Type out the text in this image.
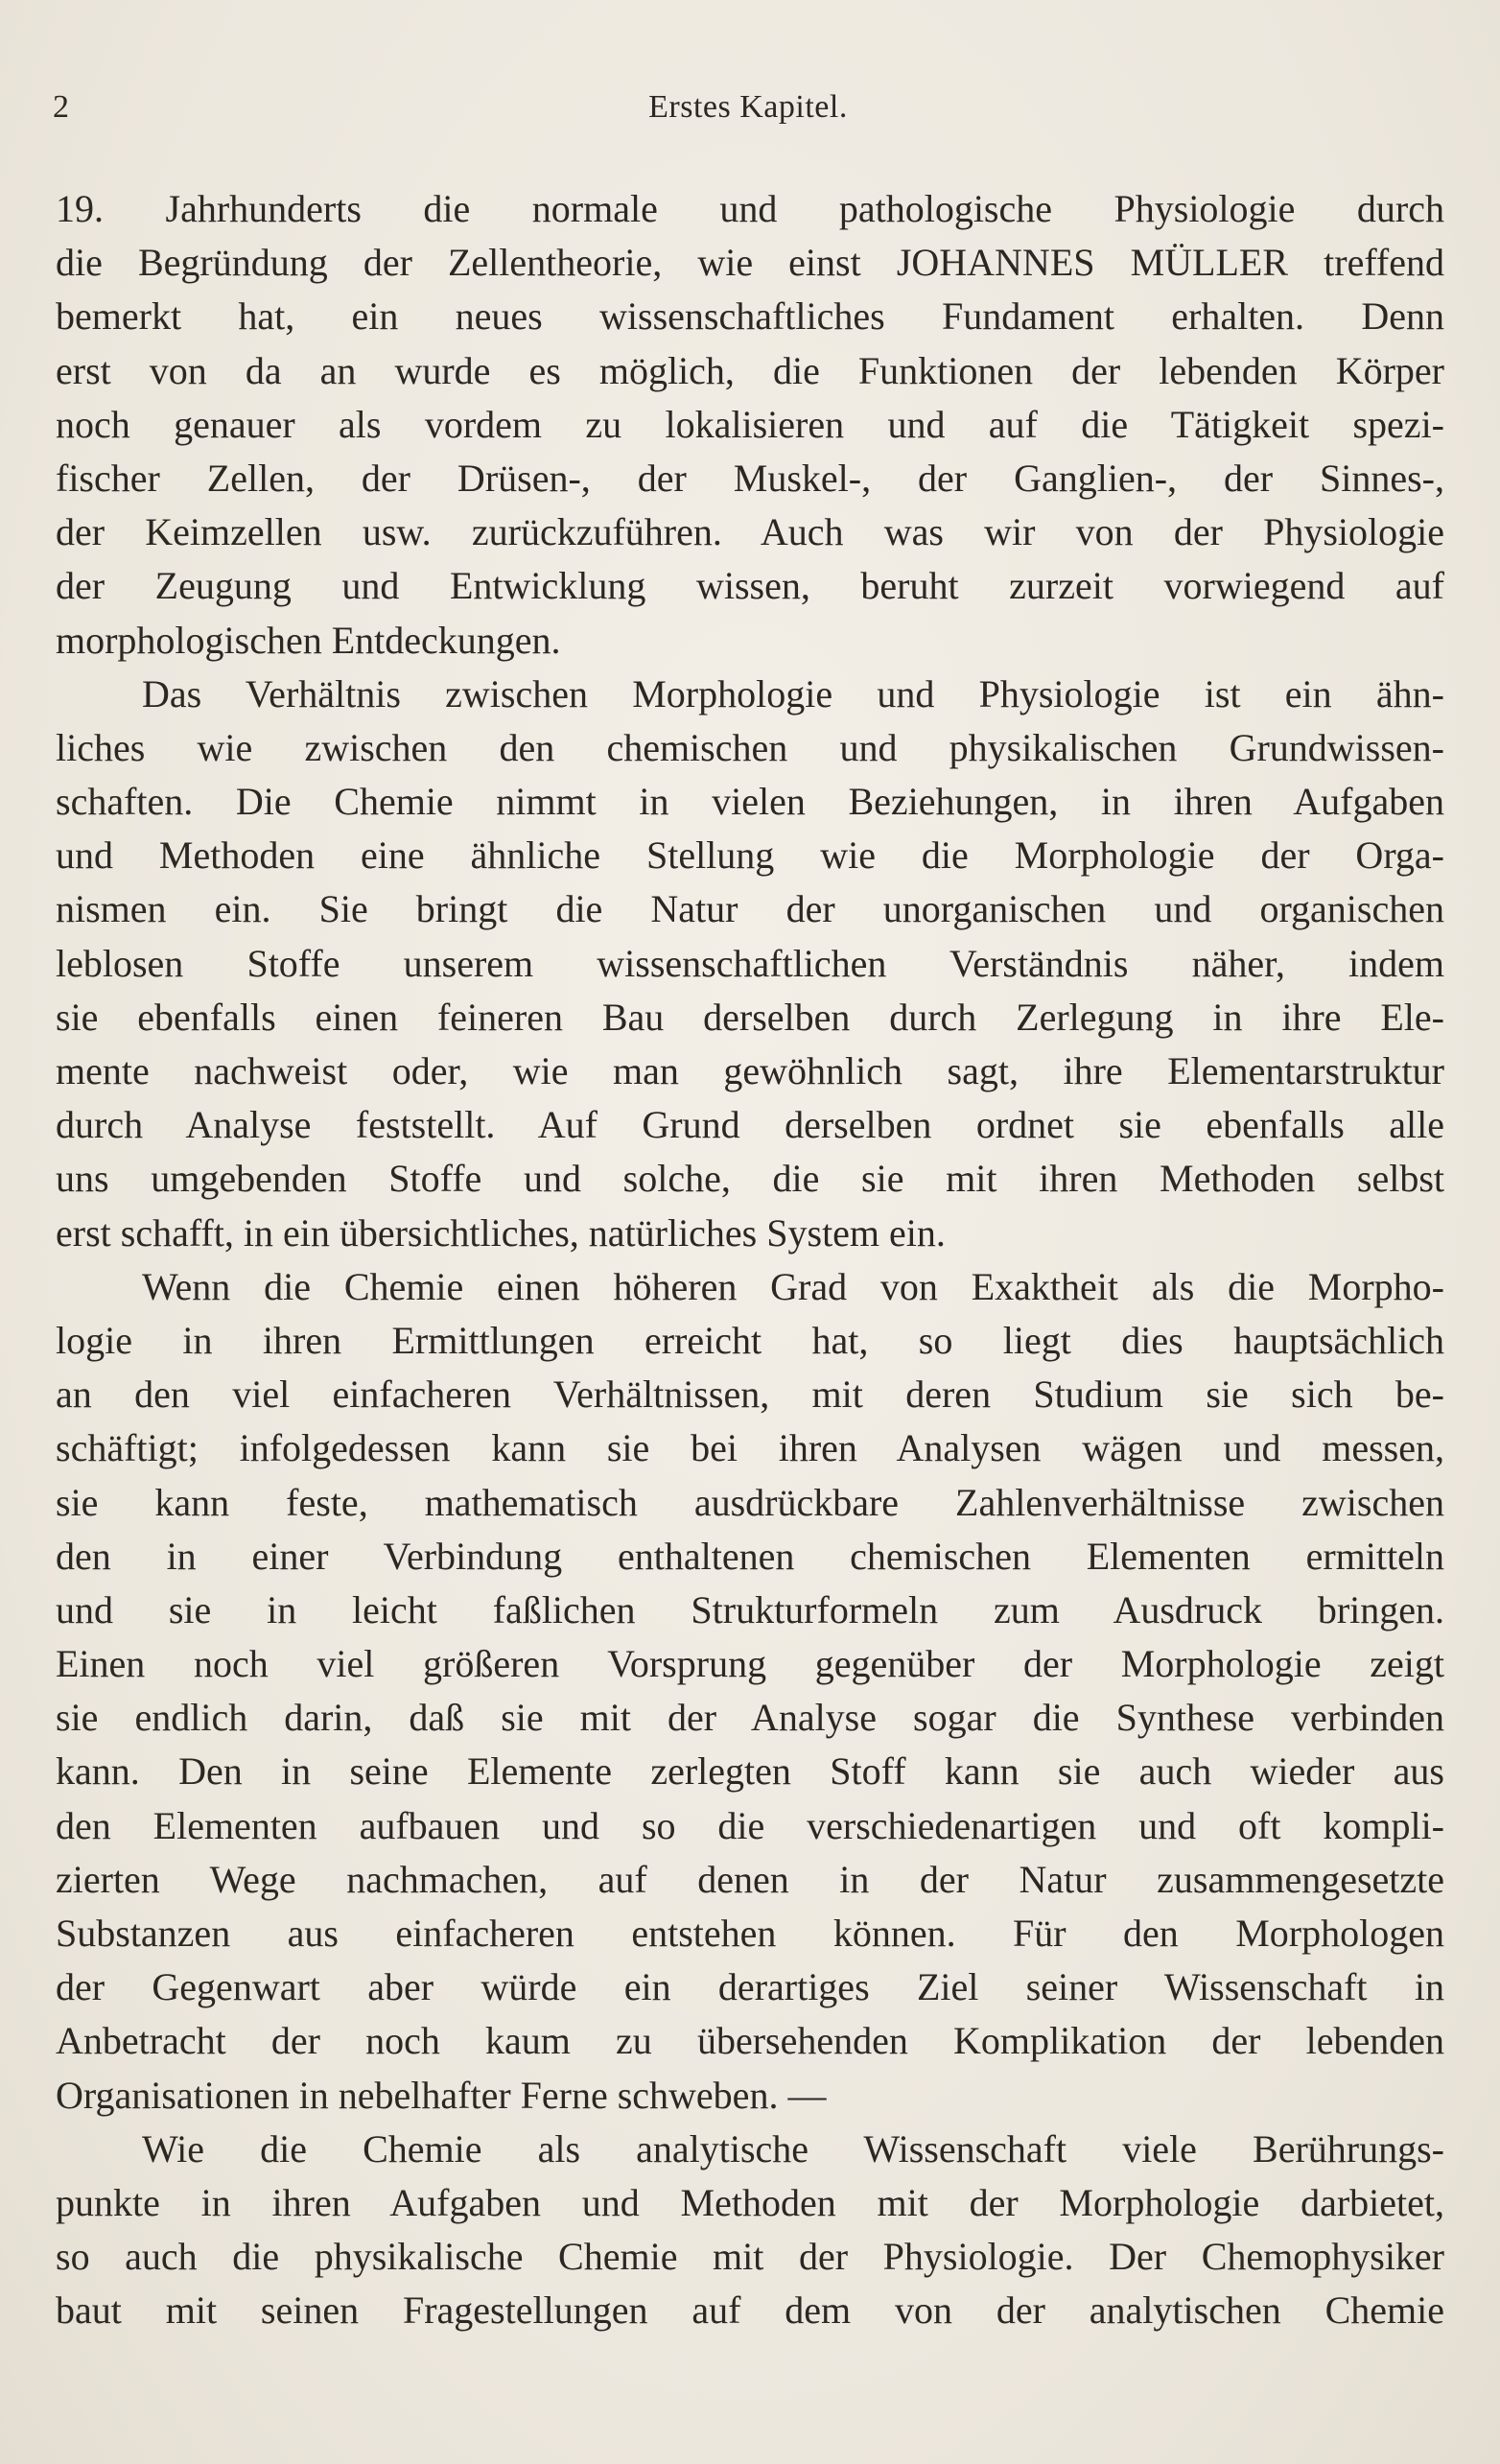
2	Erstes Kapitel.
19. Jahrhunderts die normale und pathologische Physiologie durch
die Begründung der Zellentheorie, wie einst JOHANNES MÜLLER treffend
bemerkt hat, ein neues wissenschaftliches Fundament erhalten. Denn
erst von da an wurde es möglich, die Funktionen der lebenden Körper
noch genauer als vordem zu lokalisieren und auf die Tätigkeit spezi-
fischer Zellen, der Drüsen-, der Muskel-, der Ganglien-, der Sinnes-,
der Keimzellen usw. zurückzuführen. Auch was wir von der Physiologie
der Zeugung und Entwicklung wissen, beruht zurzeit vorwiegend auf
morphologischen Entdeckungen.
Das Verhältnis zwischen Morphologie und Physiologie ist ein ähn-
liches wie zwischen den chemischen und physikalischen Grundwissen-
schaften. Die Chemie nimmt in vielen Beziehungen, in ihren Aufgaben
und Methoden eine ähnliche Stellung wie die Morphologie der Orga-
nismen ein. Sie bringt die Natur der unorganischen und organischen
leblosen Stoffe unserem wissenschaftlichen Verständnis näher, indem
sie ebenfalls einen feineren Bau derselben durch Zerlegung in ihre Ele-
mente nachweist oder, wie man gewöhnlich sagt, ihre Elementarstruktur
durch Analyse feststellt. Auf Grund derselben ordnet sie ebenfalls alle
uns umgebenden Stoffe und solche, die sie mit ihren Methoden selbst
erst schafft, in ein übersichtliches, natürliches System ein.
Wenn die Chemie einen höheren Grad von Exaktheit als die Morpho-
logie in ihren Ermittlungen erreicht hat, so liegt dies hauptsächlich
an den viel einfacheren Verhältnissen, mit deren Studium sie sich be-
schäftigt; infolgedessen kann sie bei ihren Analysen wägen und messen,
sie kann feste, mathematisch ausdrückbare Zahlenverhältnisse zwischen
den in einer Verbindung enthaltenen chemischen Elementen ermitteln
und sie in leicht faßlichen Strukturformeln zum Ausdruck bringen.
Einen noch viel größeren Vorsprung gegenüber der Morphologie zeigt
sie endlich darin, daß sie mit der Analyse sogar die Synthese verbinden
kann. Den in seine Elemente zerlegten Stoff kann sie auch wieder aus
den Elementen aufbauen und so die verschiedenartigen und oft kompli-
zierten Wege nachmachen, auf denen in der Natur zusammengesetzte
Substanzen aus einfacheren entstehen können. Für den Morphologen
der Gegenwart aber würde ein derartiges Ziel seiner Wissenschaft in
Anbetracht der noch kaum zu übersehenden Komplikation der lebenden
Organisationen in nebelhafter Ferne schweben. —
Wie die Chemie als analytische Wissenschaft viele Berührungs-
punkte in ihren Aufgaben und Methoden mit der Morphologie darbietet,
so auch die physikalische Chemie mit der Physiologie. Der Chemophysiker
baut mit seinen Fragestellungen auf dem von der analytischen Chemie
